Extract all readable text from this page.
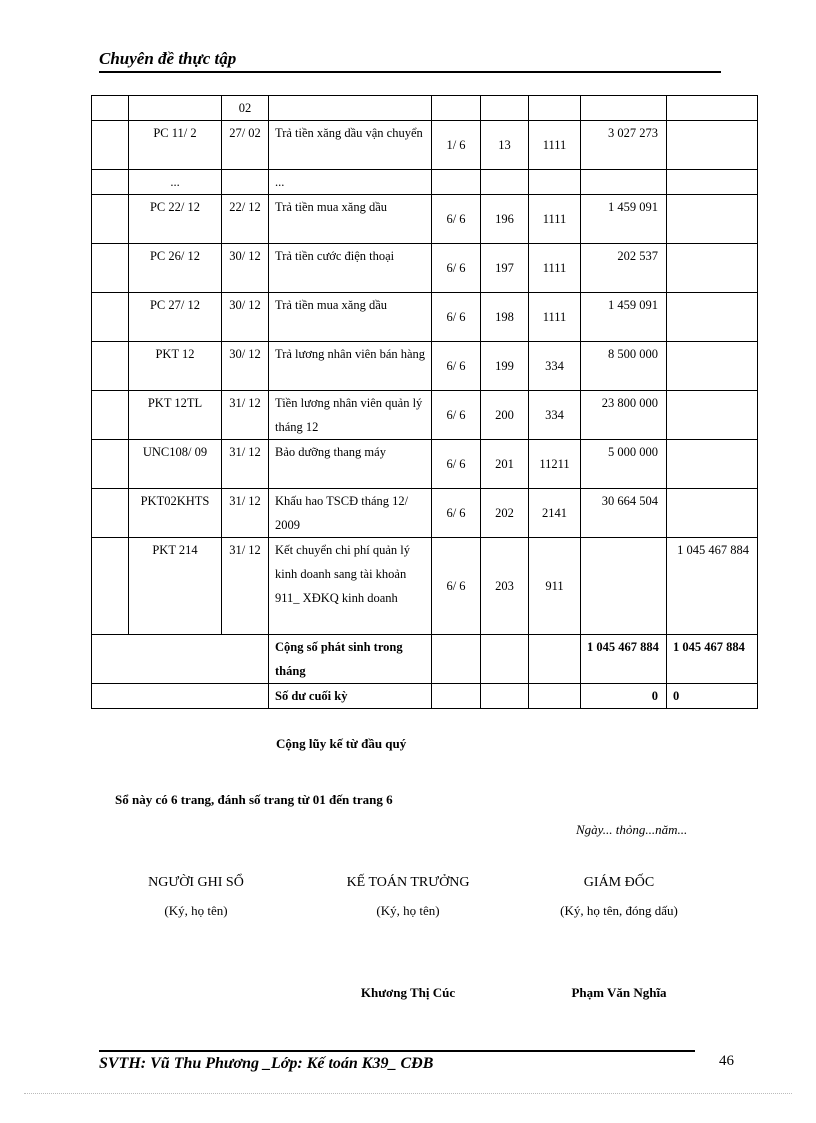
Chuyên đề thực tập
		02						
	PC 11/ 2	27/ 02	Trả tiền xăng dầu vận chuyển	1/ 6	13	1111	3 027 273	
	...		...					
	PC 22/ 12	22/ 12	Trả tiền mua xăng dầu	6/ 6	196	1111	1 459 091	
	PC 26/ 12	30/ 12	Trả tiền cước điện thoại	6/ 6	197	1111	202 537	
	PC 27/ 12	30/ 12	Trả tiền mua xăng dầu	6/ 6	198	1111	1 459 091	
	PKT 12	30/ 12	Trả lương nhân viên bán hàng	6/ 6	199	334	8 500 000	
	PKT 12TL	31/ 12	Tiền lương nhân viên quản lý tháng 12	6/ 6	200	334	23 800 000	
	UNC108/ 09	31/ 12	Bảo dưỡng thang máy	6/ 6	201	11211	5 000 000	
	PKT02KHTS	31/ 12	Khấu hao TSCĐ tháng 12/ 2009	6/ 6	202	2141	30 664 504	
	PKT 214	31/ 12	Kết chuyển chi phí quản lý kinh doanh sang tài khoản 911_ XĐKQ kinh doanh	6/ 6	203	911		1 045 467 884
			Cộng số phát sinh trong tháng				1 045 467 884	1 045 467 884
			Số dư cuối kỳ				0	0
Cộng lũy kế từ đầu quý
Sổ này có 6 trang, đánh số trang từ 01 đến trang 6
Ngày... thỏng...năm...
NGƯỜI GHI SỔ
(Ký, họ tên)
KẾ TOÁN TRƯỞNG
(Ký, họ tên)
Khương Thị Cúc
GIÁM ĐỐC
(Ký, họ tên, đóng dấu)
Phạm Văn Nghĩa
SVTH: Vũ Thu Phương _Lớp: Kế toán K39_ CĐB	46
